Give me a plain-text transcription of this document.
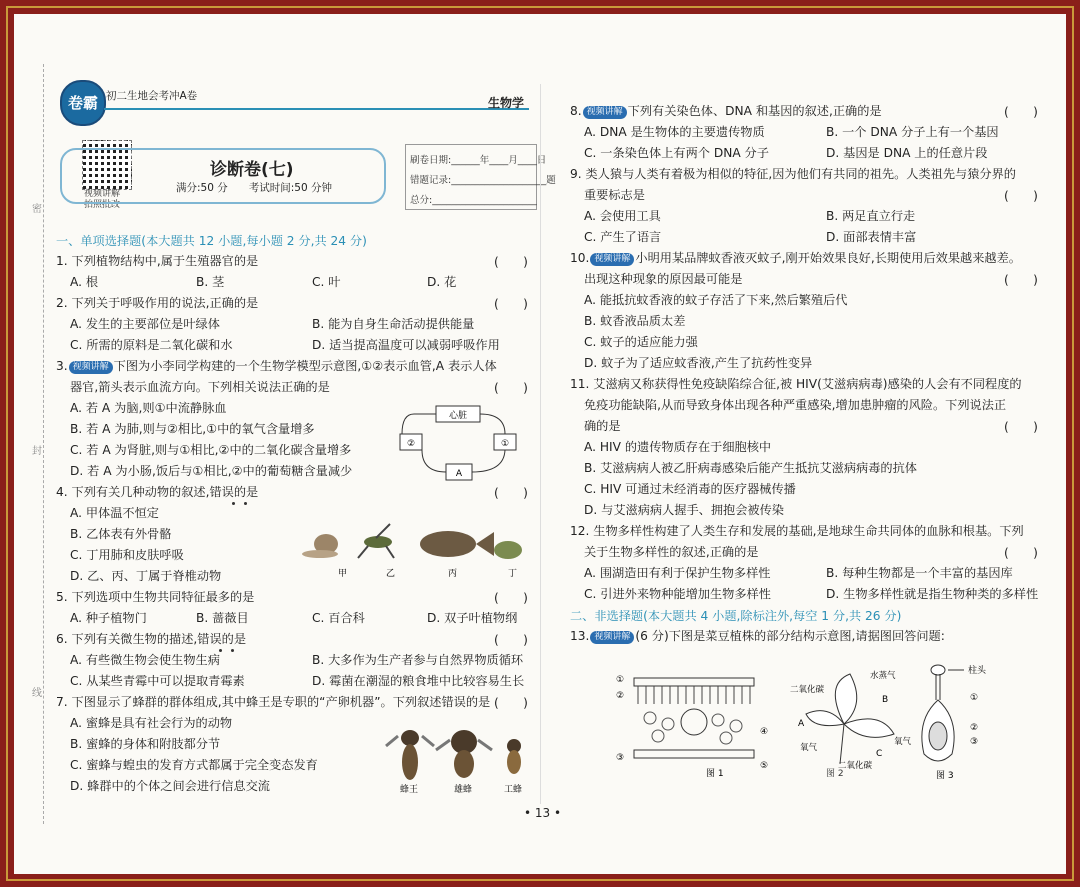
密
封
线
卷霸 初二生地会考冲A卷	生物学
视频讲解
拍照批改
诊断卷(七)
满分:50 分　　考试时间:50 分钟
刷卷日期:______年____月____日
错题记录:____________________题
总分:______________________
一、单项选择题(本大题共 12 小题,每小题 2 分,共 24 分)
1. 下列植物结构中,属于生殖器官的是	(　　)
A. 根	B. 茎	C. 叶	D. 花
2. 下列关于呼吸作用的说法,正确的是	(　　)
A. 发生的主要部位是叶绿体	B. 能为自身生命活动提供能量
C. 所需的原料是二氧化碳和水	D. 适当提高温度可以减弱呼吸作用
3. 视频讲解 下图为小李同学构建的一个生物学模型示意图,①②表示血管,A 表示人体
器官,箭头表示血流方向。下列相关说法正确的是	(　　)
A. 若 A 为脑,则①中流静脉血
B. 若 A 为肺,则与②相比,①中的氧气含量增多
C. 若 A 为肾脏,则与①相比,②中的二氧化碳含量增多
D. 若 A 为小肠,饭后与①相比,②中的葡萄糖含量减少
心脏
②	①
A
4. 下列有关几种动物的叙述,错误的是	(　　)
A. 甲体温不恒定
B. 乙体表有外骨骼
C. 丁用肺和皮肤呼吸
D. 乙、丙、丁属于脊椎动物	甲	乙	丙	丁
5. 下列选项中生物共同特征最多的是	(　　)
A. 种子植物门	B. 蔷薇目	C. 百合科	D. 双子叶植物纲
6. 下列有关微生物的描述,错误的是	(　　)
A. 有些微生物会使生物生病	B. 大多作为生产者参与自然界物质循环
C. 从某些青霉中可以提取青霉素	D. 霉菌在潮湿的粮食堆中比较容易生长
7. 下图显示了蜂群的群体组成,其中蜂王是专职的“产卵机器”。下列叙述错误的是 (　　)
A. 蜜蜂是具有社会行为的动物
B. 蜜蜂的身体和附肢都分节
C. 蜜蜂与蝗虫的发育方式都属于完全变态发育
D. 蜂群中的个体之间会进行信息交流	蜂王	雄蜂	工蜂
8. 视频讲解 下列有关染色体、DNA 和基因的叙述,正确的是	(　　)
A. DNA 是生物体的主要遗传物质	B. 一个 DNA 分子上有一个基因
C. 一条染色体上有两个 DNA 分子	D. 基因是 DNA 上的任意片段
9. 类人猿与人类有着极为相似的特征,因为他们有共同的祖先。人类祖先与猿分界的
重要标志是	(　　)
A. 会使用工具	B. 两足直立行走
C. 产生了语言	D. 面部表情丰富
10. 视频讲解 小明用某品牌蚊香液灭蚊子,刚开始效果良好,长期使用后效果越来越差。
出现这种现象的原因最可能是	(　　)
A. 能抵抗蚊香液的蚊子存活了下来,然后繁殖后代
B. 蚊香液品质太差
C. 蚊子的适应能力强
D. 蚊子为了适应蚊香液,产生了抗药性变异
11. 艾滋病又称获得性免疫缺陷综合征,被 HIV(艾滋病病毒)感染的人会有不同程度的
免疫功能缺陷,从而导致身体出现各种严重感染,增加患肿瘤的风险。下列说法正
确的是	(　　)
A. HIV 的遗传物质存在于细胞核中
B. 艾滋病病人被乙肝病毒感染后能产生抵抗艾滋病病毒的抗体
C. HIV 可通过未经消毒的医疗器械传播
D. 与艾滋病病人握手、拥抱会被传染
12. 生物多样性构建了人类生存和发展的基础,是地球生命共同体的血脉和根基。下列
关于生物多样性的叙述,正确的是	(　　)
A. 围湖造田有利于保护生物多样性	B. 每种生物都是一个丰富的基因库
C. 引进外来物种能增加生物多样性	D. 生物多样性就是指生物种类的多样性
二、非选择题(本大题共 4 小题,除标注外,每空 1 分,共 26 分)
13. 视频讲解 (6 分)下图是菜豆植株的部分结构示意图,请据图回答问题:
①
②
③
④
⑤
图 1
二氧化碳
水蒸气
A
B
C
氧气
氧气
二氧化碳
图 2
柱头
①
②
③
图 3
• 13 •
